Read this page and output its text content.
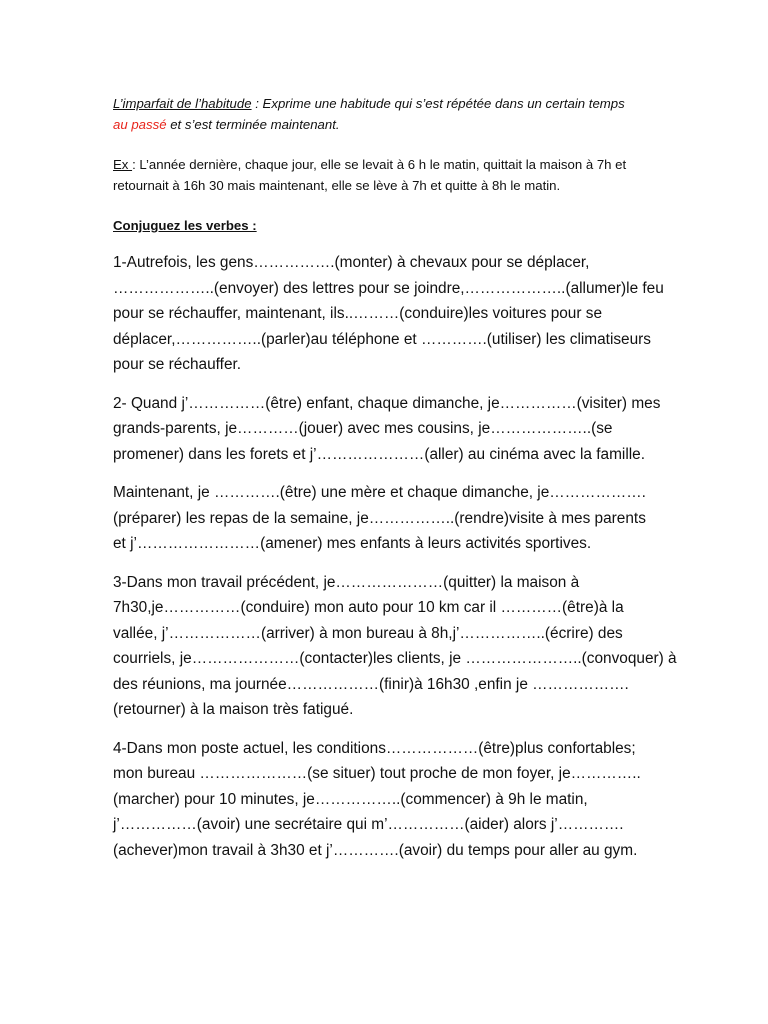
L’imparfait de l’habitude : Exprime une habitude qui s’est répétée dans un certain temps
au passé et s’est terminée maintenant.

Ex : L’année dernière, chaque jour, elle se levait à 6 h le matin, quittait la maison à 7h et
retournait à 16h 30 mais maintenant, elle se lève à 7h et quitte à 8h le matin.

Conjuguez les verbes :

1-Autrefois, les gens…………….(monter) à chevaux pour se déplacer,
………………..(envoyer) des lettres pour se joindre,………………..(allumer)le feu
pour se réchauffer, maintenant, ils..………(conduire)les voitures pour se
déplacer,……………..(parler)au téléphone et ………….(utiliser) les climatiseurs
pour se réchauffer.
2- Quand j’……………(être) enfant, chaque dimanche, je……………(visiter) mes
grands-parents, je…………(jouer) avec mes cousins, je………………..(se
promener) dans les forets et j’…………………(aller) au cinéma avec la famille.
Maintenant, je ………….(être) une mère et chaque dimanche, je……………….
(préparer) les repas de la semaine, je……………..(rendre)visite à mes parents
et j’……………………(amener) mes enfants à leurs activités sportives.
3-Dans mon travail précédent, je…………………(quitter) la maison à
7h30,je……………(conduire) mon auto pour 10 km car il …………(être)à la
vallée, j’………………(arriver) à mon bureau à 8h,j’……………..(écrire) des
courriels, je…………………(contacter)les clients, je …………………..(convoquer) à
des réunions, ma journée………………(finir)à 16h30 ,enfin je ……………….
(retourner) à la maison très fatigué.
4-Dans mon poste actuel, les conditions………………(être)plus confortables;
mon bureau …………………(se situer) tout proche de mon foyer, je…………..
(marcher) pour 10 minutes, je……………..(commencer) à 9h le matin,
j’……………(avoir) une secrétaire qui m’……………(aider) alors j’………….
(achever)mon travail à 3h30 et j’………….(avoir) du temps pour aller au gym.
